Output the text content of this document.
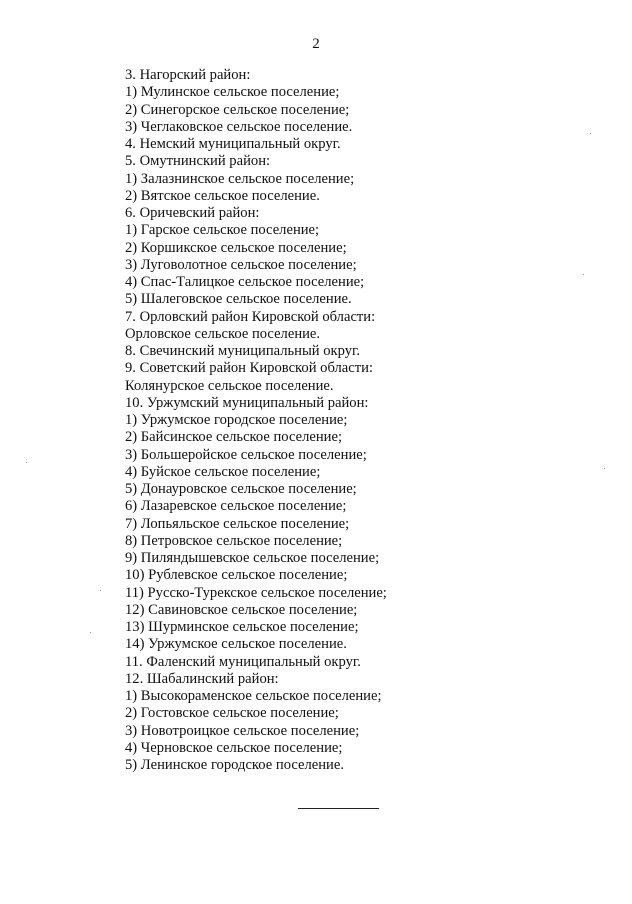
2
3. Нагорский район:
1) Мулинское сельское поселение;
2) Синегорское сельское поселение;
3) Чеглаковское сельское поселение.
4. Немский муниципальный округ.
5. Омутнинский район:
1) Залазнинское сельское поселение;
2) Вятское сельское поселение.
6. Оричевский район:
1) Гарское сельское поселение;
2) Коршикское сельское поселение;
3) Луговолотное сельское поселение;
4) Спас-Талицкое сельское поселение;
5) Шалеговское сельское поселение.
7. Орловский район Кировской области:
Орловское сельское поселение.
8. Свечинский муниципальный округ.
9. Советский район Кировской области:
Колянурское сельское поселение.
10. Уржумский муниципальный район:
1) Уржумское городское поселение;
2) Байсинское сельское поселение;
3) Большеройское сельское поселение;
4) Буйское сельское поселение;
5) Донауровское сельское поселение;
6) Лазаревское сельское поселение;
7) Лопьяльское сельское поселение;
8) Петровское сельское поселение;
9) Пиляндышевское сельское поселение;
10) Рублевское сельское поселение;
11) Русско-Турекское сельское поселение;
12) Савиновское сельское поселение;
13) Шурминское сельское поселение;
14) Уржумское сельское поселение.
11. Фаленский муниципальный округ.
12. Шабалинский район:
1) Высокораменское сельское поселение;
2) Гостовское сельское поселение;
3) Новотроицкое сельское поселение;
4) Черновское сельское поселение;
5) Ленинское городское поселение.
